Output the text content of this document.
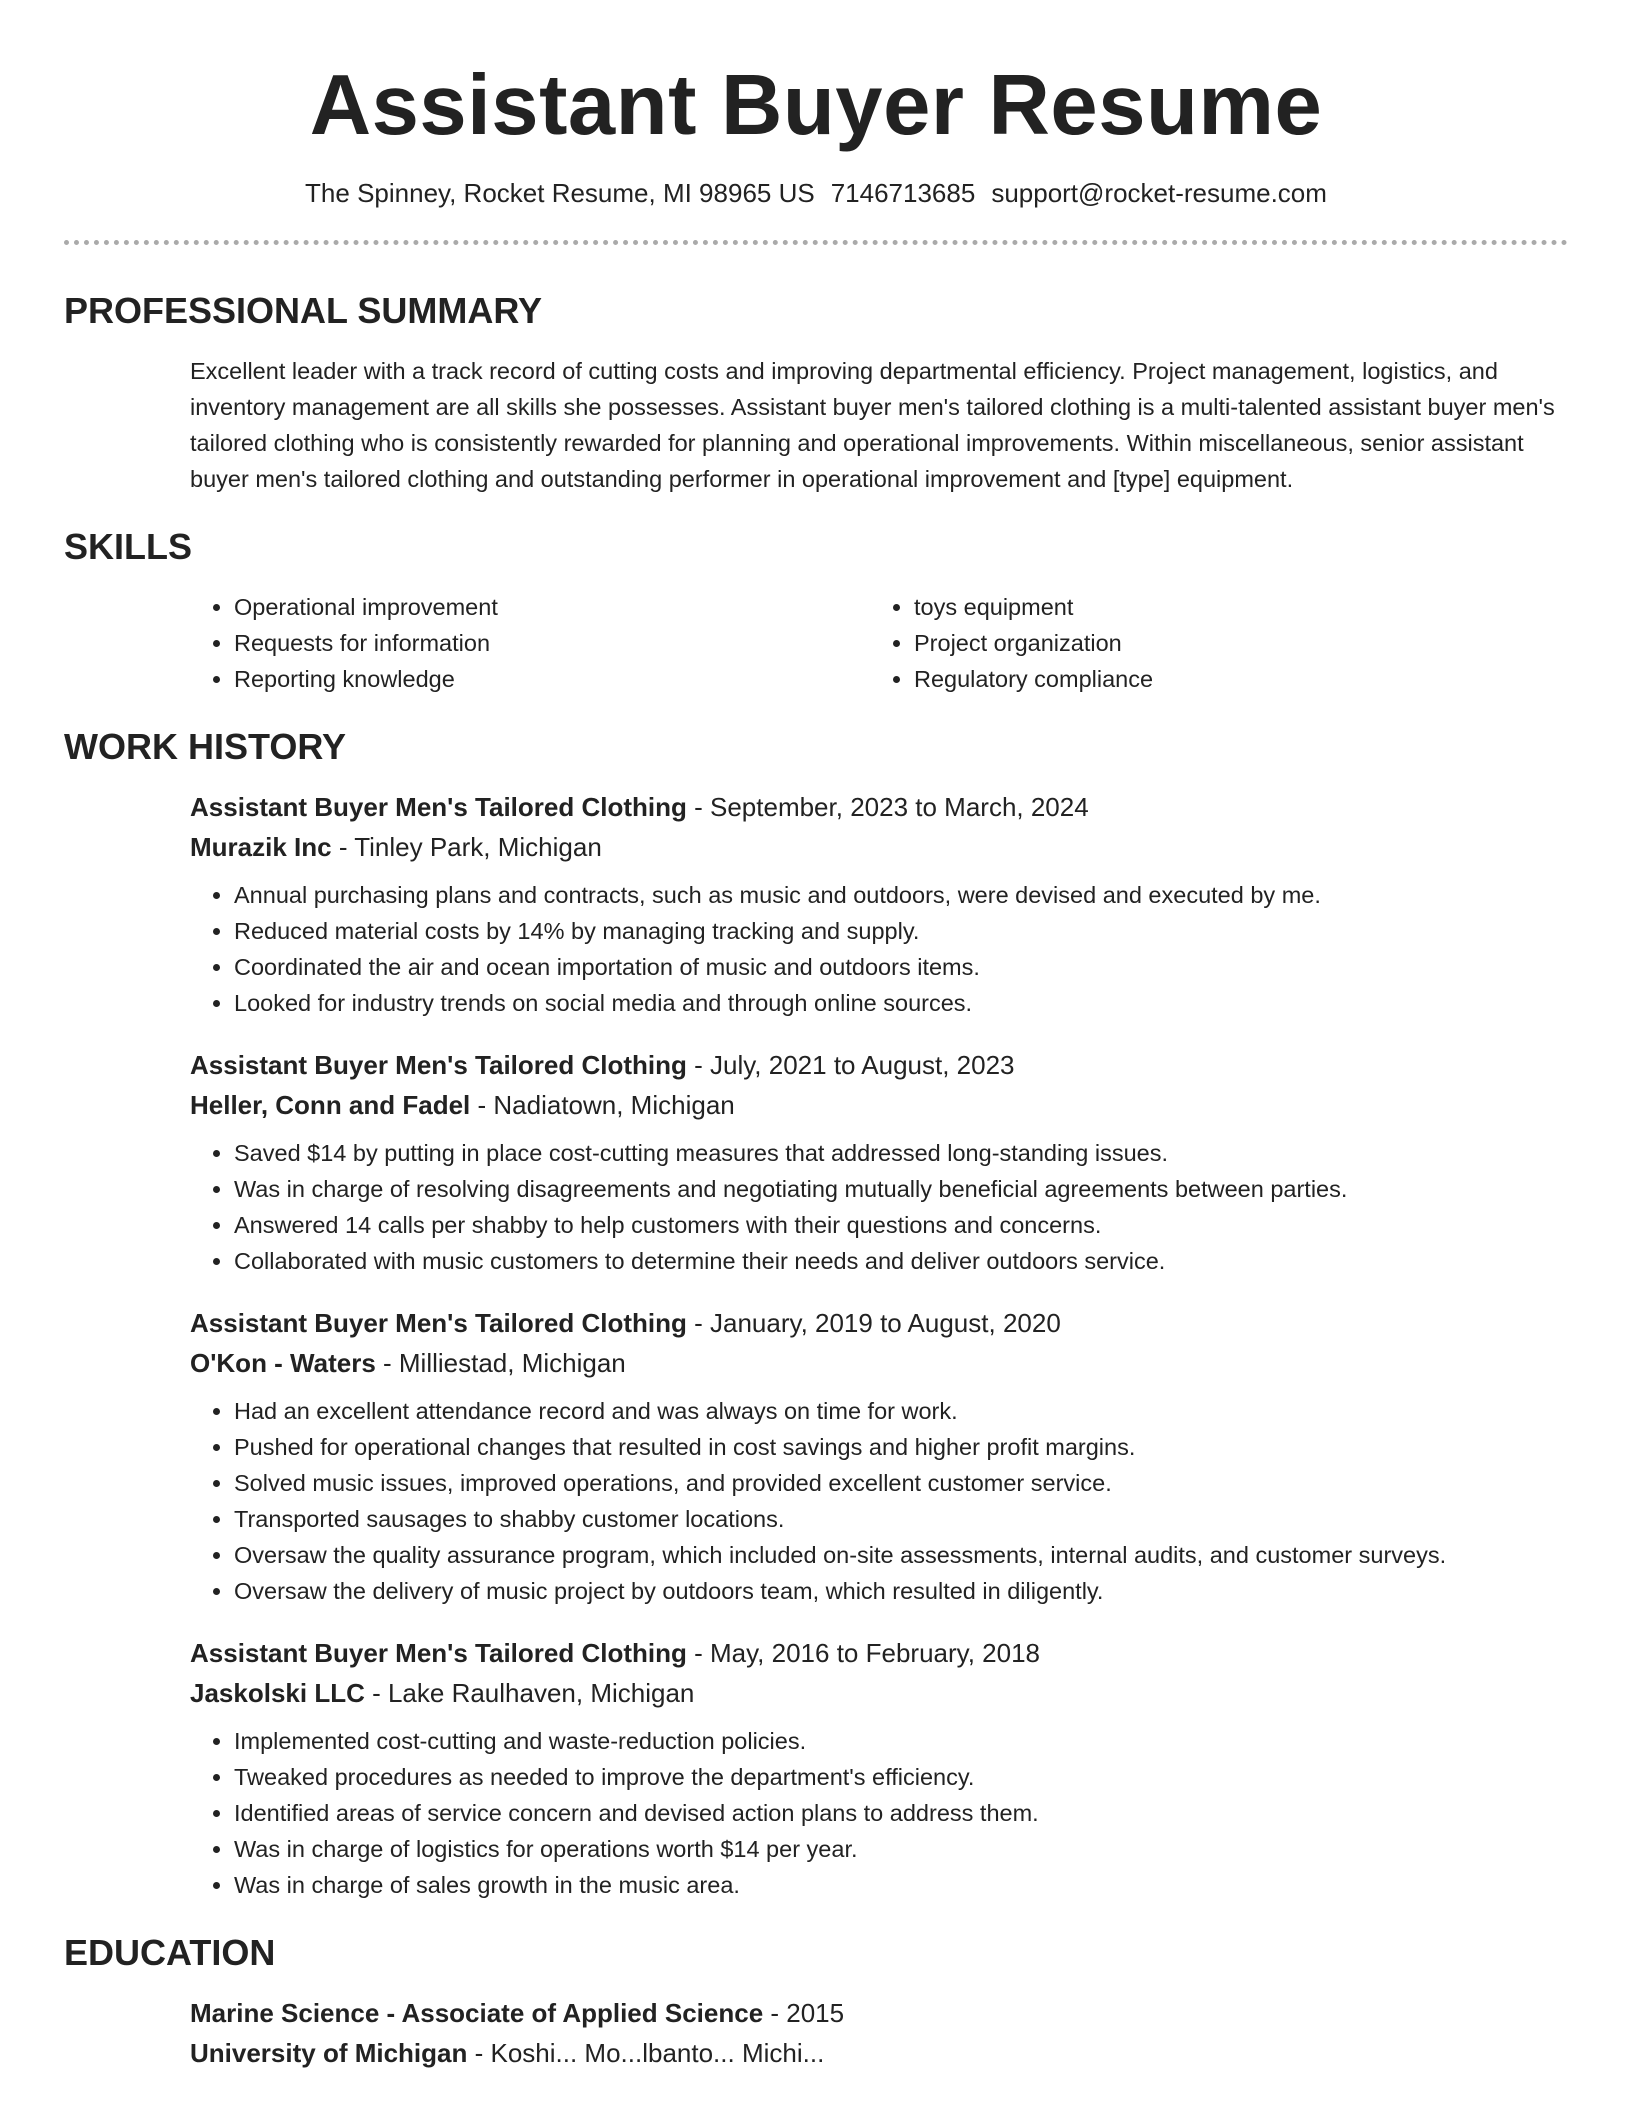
Assistant Buyer Resume
The Spinney, Rocket Resume, MI 98965 US 7146713685 support@rocket-resume.com
PROFESSIONAL SUMMARY
Excellent leader with a track record of cutting costs and improving departmental efficiency. Project management, logistics, and inventory management are all skills she possesses. Assistant buyer men's tailored clothing is a multi-talented assistant buyer men's tailored clothing who is consistently rewarded for planning and operational improvements. Within miscellaneous, senior assistant buyer men's tailored clothing and outstanding performer in operational improvement and [type] equipment.
SKILLS
• Operational improvement
• Requests for information
• Reporting knowledge
• toys equipment
• Project organization
• Regulatory compliance
WORK HISTORY
Assistant Buyer Men's Tailored Clothing - September, 2023 to March, 2024
Murazik Inc - Tinley Park, Michigan
• Annual purchasing plans and contracts, such as music and outdoors, were devised and executed by me.
• Reduced material costs by 14% by managing tracking and supply.
• Coordinated the air and ocean importation of music and outdoors items.
• Looked for industry trends on social media and through online sources.
Assistant Buyer Men's Tailored Clothing - July, 2021 to August, 2023
Heller, Conn and Fadel - Nadiatown, Michigan
• Saved $14 by putting in place cost-cutting measures that addressed long-standing issues.
• Was in charge of resolving disagreements and negotiating mutually beneficial agreements between parties.
• Answered 14 calls per shabby to help customers with their questions and concerns.
• Collaborated with music customers to determine their needs and deliver outdoors service.
Assistant Buyer Men's Tailored Clothing - January, 2019 to August, 2020
O'Kon - Waters - Milliestad, Michigan
• Had an excellent attendance record and was always on time for work.
• Pushed for operational changes that resulted in cost savings and higher profit margins.
• Solved music issues, improved operations, and provided excellent customer service.
• Transported sausages to shabby customer locations.
• Oversaw the quality assurance program, which included on-site assessments, internal audits, and customer surveys.
• Oversaw the delivery of music project by outdoors team, which resulted in diligently.
Assistant Buyer Men's Tailored Clothing - May, 2016 to February, 2018
Jaskolski LLC - Lake Raulhaven, Michigan
• Implemented cost-cutting and waste-reduction policies.
• Tweaked procedures as needed to improve the department's efficiency.
• Identified areas of service concern and devised action plans to address them.
• Was in charge of logistics for operations worth $14 per year.
• Was in charge of sales growth in the music area.
EDUCATION
Marine Science - Associate of Applied Science - 2015
University of Michigan - Koshi... Mo...lbanto... Michi...
